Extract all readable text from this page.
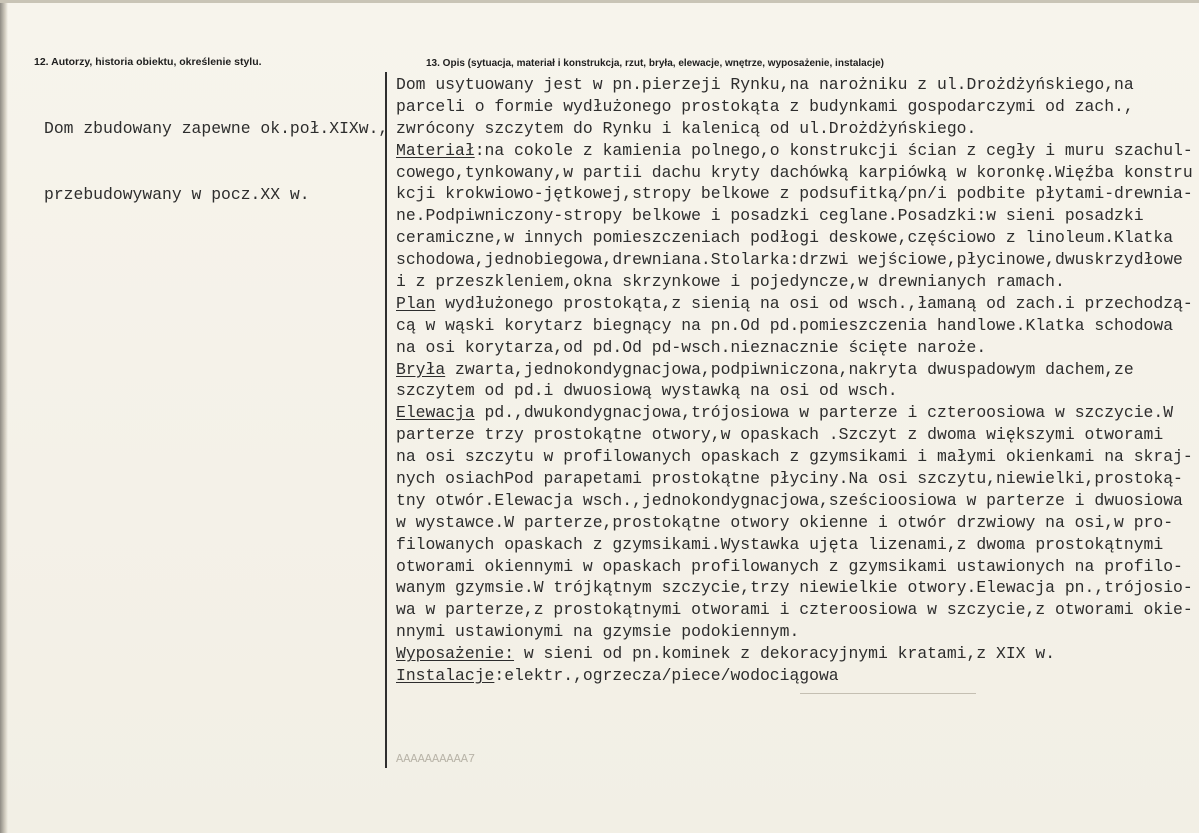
12. Autorzy, historia obiektu, określenie stylu.	13. Opis (sytuacja, materiał i konstrukcja, rzut, bryła, elewacje, wnętrze, wyposażenie, instalacje)

Dom zbudowany zapewne ok.poł.XIXw.,

przebudowywany w pocz.XX w.

Dom usytuowany jest w pn.pierzeji Rynku,na narożniku z ul.Drożdżyńskiego,na
parceli o formie wydłużonego prostokąta z budynkami gospodarczymi od zach.,
zwrócony szczytem do Rynku i kalenicą od ul.Drożdżyńskiego.
Materiał:na cokole z kamienia polnego,o konstrukcji ścian z cegły i muru szachul-
cowego,tynkowany,w partii dachu kryty dachówką karpiówką w koronkę.Więźba konstru
kcji krokwiowo-jętkowej,stropy belkowe z podsufitką/pn/i podbite płytami-drewnia-
ne.Podpiwniczony-stropy belkowe i posadzki ceglane.Posadzki:w sieni posadzki
ceramiczne,w innych pomieszczeniach podłogi deskowe,częściowo z linoleum.Klatka
schodowa,jednobiegowa,drewniana.Stolarka:drzwi wejściowe,płycinowe,dwuskrzydłowe
i z przeszkleniem,okna skrzynkowe i pojedyncze,w drewnianych ramach.
Plan wydłużonego prostokąta,z sienią na osi od wsch.,łamaną od zach.i przechodzą-
cą w wąski korytarz biegnący na pn.Od pd.pomieszczenia handlowe.Klatka schodowa
na osi korytarza,od pd.Od pd-wsch.nieznacznie ścięte naroże.
Bryła zwarta,jednokondygnacjowa,podpiwniczona,nakryta dwuspadowym dachem,ze
szczytem od pd.i dwuosiową wystawką na osi od wsch.
Elewacja pd.,dwukondygnacjowa,trójosiowa w parterze i czteroosiowa w szczycie.W
parterze trzy prostokątne otwory,w opaskach .Szczyt z dwoma większymi otworami
na osi szczytu w profilowanych opaskach z gzymsikami i małymi okienkami na skraj-
nych osiachPod parapetami prostokątne płyciny.Na osi szczytu,niewielki,prostoką-
tny otwór.Elewacja wsch.,jednokondygnacjowa,sześcioosiowa w parterze i dwuosiowa
w wystawce.W parterze,prostokątne otwory okienne i otwór drzwiowy na osi,w pro-
filowanych opaskach z gzymsikami.Wystawka ujęta lizenami,z dwoma prostokątnymi
otworami okiennymi w opaskach profilowanych z gzymsikami ustawionych na profilo-
wanym gzymsie.W trójkątnym szczycie,trzy niewielkie otwory.Elewacja pn.,trójosio-
wa w parterze,z prostokątnymi otworami i czteroosiowa w szczycie,z otworami okie-
nnymi ustawionymi na gzymsie podokiennym.
Wyposażenie: w sieni od pn.kominek z dekoracyjnymi kratami,z XIX w.
Instalacje:elektr.,ogrzecza/piece/wodociągowa
AAAAAAAAAA7
